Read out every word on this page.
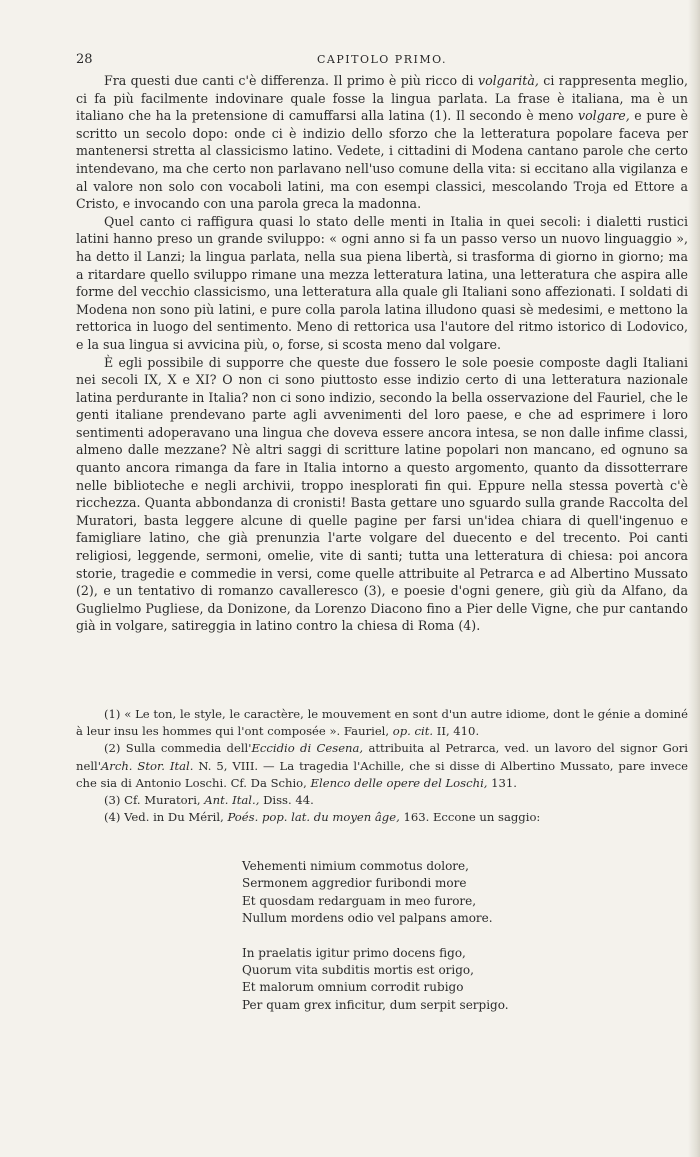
28	CAPITOLO PRIMO.

Fra questi due canti c'è differenza. Il primo è più ricco di volgarità, ci rappresenta meglio, ci fa più facilmente indovinare quale fosse la lingua parlata. La frase è italiana, ma è un italiano che ha la pretensione di camuffarsi alla latina (1). Il secondo è meno volgare, e pure è scritto un secolo dopo: onde ci è indizio dello sforzo che la letteratura popolare faceva per mantenersi stretta al classicismo latino. Vedete, i cittadini di Modena cantano parole che certo intendevano, ma che certo non parlavano nell'uso comune della vita: si eccitano alla vigilanza e al valore non solo con vocaboli latini, ma con esempi classici, mescolando Troja ed Ettore a Cristo, e invocando con una parola greca la madonna.

Quel canto ci raffigura quasi lo stato delle menti in Italia in quei secoli: i dialetti rustici latini hanno preso un grande sviluppo: « ogni anno si fa un passo verso un nuovo linguaggio », ha detto il Lanzi; la lingua parlata, nella sua piena libertà, si trasforma di giorno in giorno; ma a ritardare quello sviluppo rimane una mezza letteratura latina, una letteratura che aspira alle forme del vecchio classicismo, una letteratura alla quale gli Italiani sono affezionati. I soldati di Modena non sono più latini, e pure colla parola latina illudono quasi sè medesimi, e mettono la rettorica in luogo del sentimento. Meno di rettorica usa l'autore del ritmo istorico di Lodovico, e la sua lingua si avvicina più, o, forse, si scosta meno dal volgare.

È egli possibile di supporre che queste due fossero le sole poesie composte dagli Italiani nei secoli IX, X e XI? O non ci sono piuttosto esse indizio certo di una letteratura nazionale latina perdurante in Italia? non ci sono indizio, secondo la bella osservazione del Fauriel, che le genti italiane prendevano parte agli avvenimenti del loro paese, e che ad esprimere i loro sentimenti adoperavano una lingua che doveva essere ancora intesa, se non dalle infime classi, almeno dalle mezzane? Nè altri saggi di scritture latine popolari non mancano, ed ognuno sa quanto ancora rimanga da fare in Italia intorno a questo argomento, quanto da dissotterrare nelle biblioteche e negli archivii, troppo inesplorati fin qui. Eppure nella stessa povertà c'è ricchezza. Quanta abbondanza di cronisti! Basta gettare uno sguardo sulla grande Raccolta del Muratori, basta leggere alcune di quelle pagine per farsi un'idea chiara di quell'ingenuo e famigliare latino, che già prenunzia l'arte volgare del duecento e del trecento. Poi canti religiosi, leggende, sermoni, omelie, vite di santi; tutta una letteratura di chiesa: poi ancora storie, tragedie e commedie in versi, come quelle attribuite al Petrarca e ad Albertino Mussato (2), e un tentativo di romanzo cavalleresco (3), e poesie d'ogni genere, giù giù da Alfano, da Guglielmo Pugliese, da Donizone, da Lorenzo Diacono fino a Pier delle Vigne, che pur cantando già in volgare, satireggia in latino contro la chiesa di Roma (4).

(1) « Le ton, le style, le caractère, le mouvement en sont d'un autre idiome, dont le génie a dominé à leur insu les hommes qui l'ont composée ». Fauriel, op. cit. II, 410.

(2) Sulla commedia dell'Eccidio di Cesena, attribuita al Petrarca, ved. un lavoro del signor Gori nell'Arch. Stor. Ital. N. 5, VIII. — La tragedia l'Achille, che si disse di Albertino Mussato, pare invece che sia di Antonio Loschi. Cf. Da Schio, Elenco delle opere del Loschi, 131.

(3) Cf. Muratori, Ant. Ital., Diss. 44.

(4) Ved. in Du Méril, Poés. pop. lat. du moyen âge, 163. Eccone un saggio:

Vehementi nimium commotus dolore,
Sermonem aggredior furibondi more
Et quosdam redarguam in meo furore,
Nullum mordens odio vel palpans amore.
In praelatis igitur primo docens figo,
Quorum vita subditis mortis est origo,
Et malorum omnium corrodit rubigo
Per quam grex inficitur, dum serpit serpigo.
